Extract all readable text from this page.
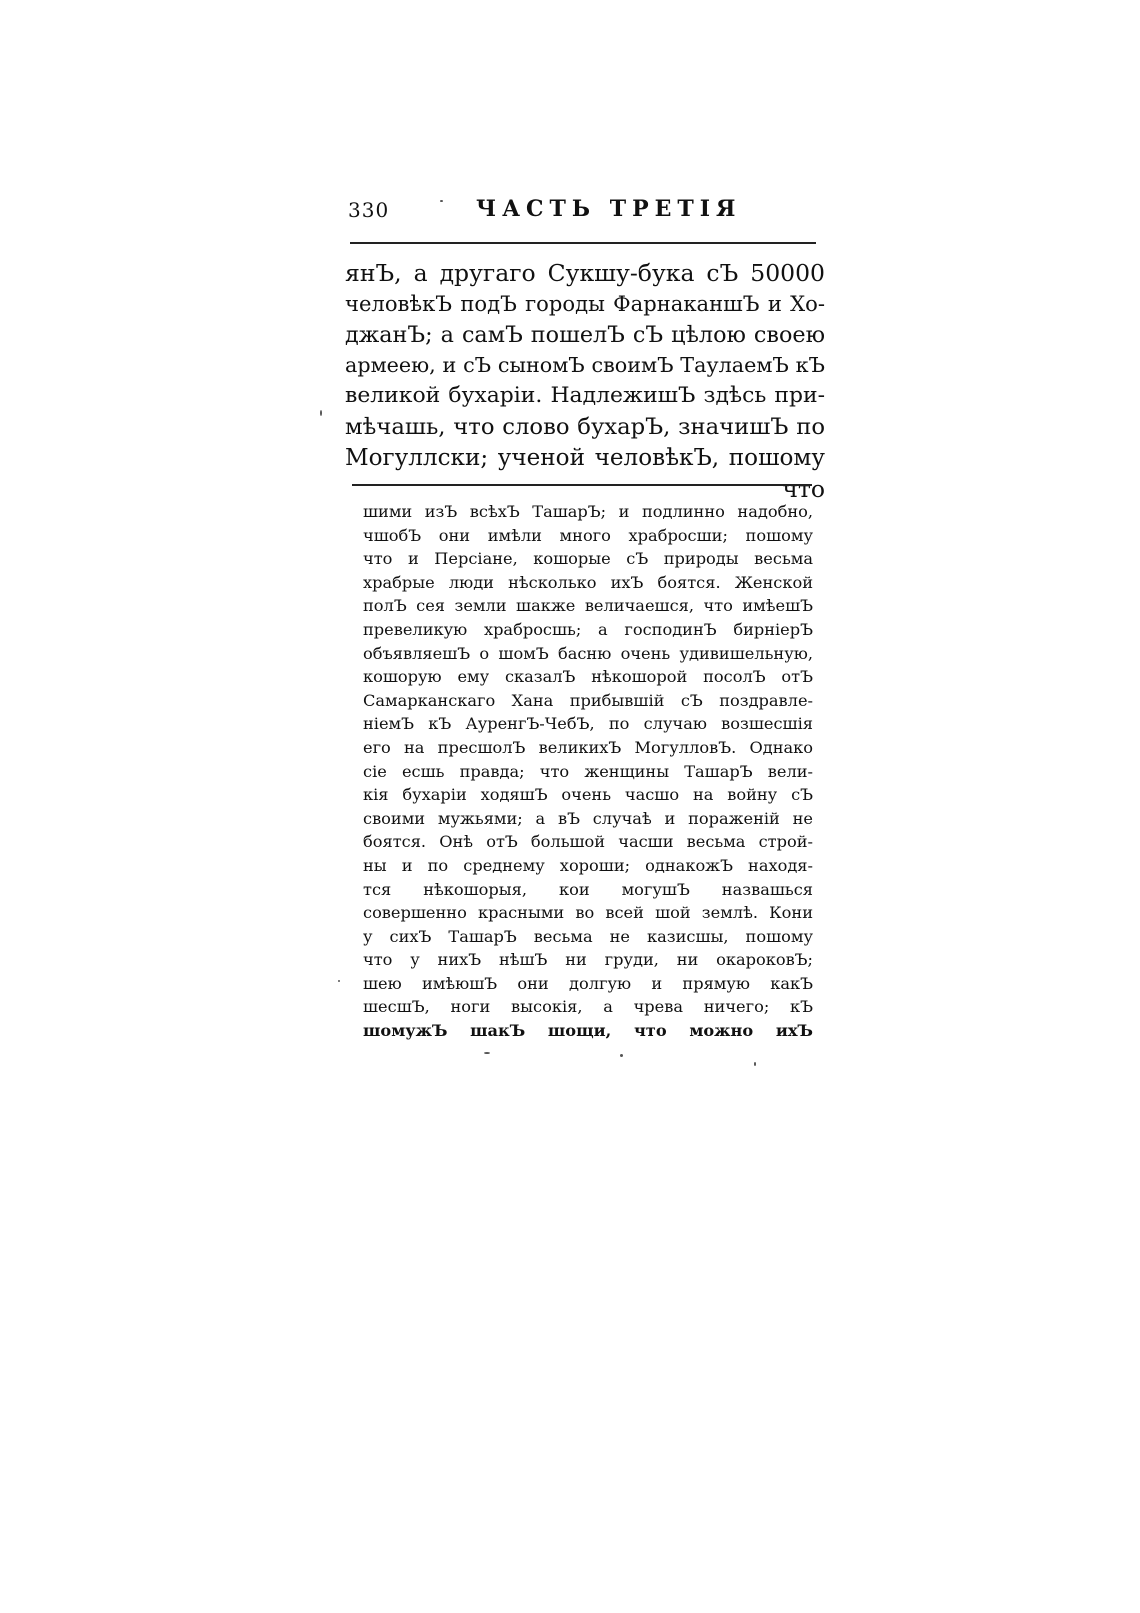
330	ЧАСТЬ ТРЕТІЯ
янЪ, а другаго Сукшу-бука сЪ 50000
человѣкЪ подЪ городы ФарнаканшЪ и Хо-
джанЪ; а самЪ пошелЪ сЪ цѣлою своею
армеею, и сЪ сыномЪ своимЪ ТаулаемЪ кЪ
великой бухаріи. НадлежишЪ здѣсь при-
мѣчашь, что слово бухарЪ, значишЪ по
Могуллски; ученой человѣкЪ, пошому
что
шими изЪ всѣхЪ ТашарЪ; и подлинно надобно,
чшобЪ они имѣли много храбросши; пошому
что и Персіане, кошорые сЪ природы весьма
храбрые люди нѣсколько ихЪ боятся. Женской
полЪ сея земли шакже величаешся, что имѣешЪ
превеликую храбросшь; а господинЪ бирніерЪ
объявляешЪ о шомЪ басню очень удивишельную,
кошорую ему сказалЪ нѣкошорой посолЪ отЪ
Самарканскаго Хана прибывшій сЪ поздравле-
ніемЪ кЪ АуренгЪ-ЧебЪ, по случаю возшесшія
его на пресшолЪ великихЪ МогулловЪ. Однако
сіе есшь правда; что женщины ТашарЪ вели-
кія бухаріи ходяшЪ очень часшо на войну сЪ
своими мужьями; а вЪ случаѣ и пораженій не
боятся. Онѣ отЪ большой часши весьма строй-
ны и по среднему хороши; однакожЪ находя-
тся нѣкошорыя, кои могушЪ назвашься
совершенно красными во всей шой землѣ. Кони
у сихЪ ТашарЪ весьма не казисшы, пошому
что у нихЪ нѣшЪ ни груди, ни окароковЪ;
шею имѣюшЪ они долгую и прямую какЪ
шесшЪ, ноги высокія, а чрева ничего; кЪ
шомужЪ шакЪ шощи, что можно ихЪ
